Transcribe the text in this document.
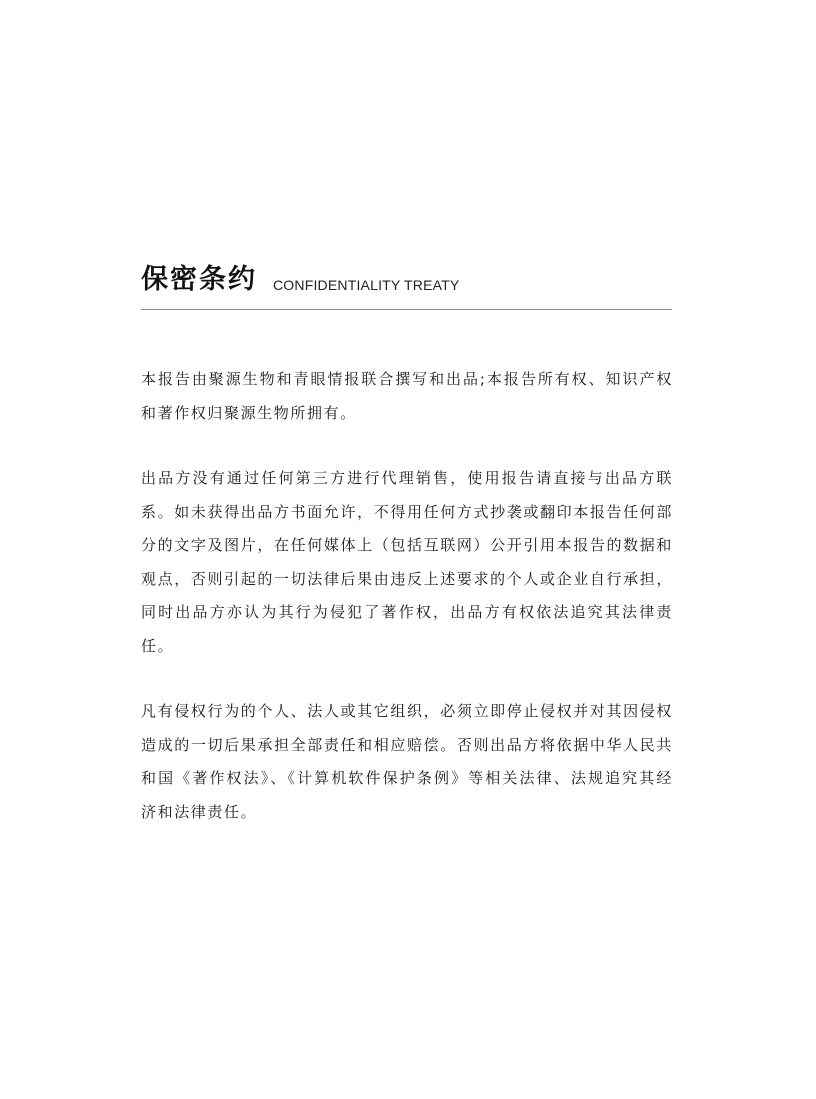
保密条约 CONFIDENTIALITY TREATY

本报告由聚源生物和青眼情报联合撰写和出品;本报告所有权、知识产权和著作权归聚源生物所拥有。

出品方没有通过任何第三方进行代理销售，使用报告请直接与出品方联系。如未获得出品方书面允许，不得用任何方式抄袭或翻印本报告任何部分的文字及图片，在任何媒体上（包括互联网）公开引用本报告的数据和观点，否则引起的一切法律后果由违反上述要求的个人或企业自行承担，同时出品方亦认为其行为侵犯了著作权，出品方有权依法追究其法律责任。

凡有侵权行为的个人、法人或其它组织，必须立即停止侵权并对其因侵权造成的一切后果承担全部责任和相应赔偿。否则出品方将依据中华人民共和国《著作权法》、《计算机软件保护条例》等相关法律、法规追究其经济和法律责任。
